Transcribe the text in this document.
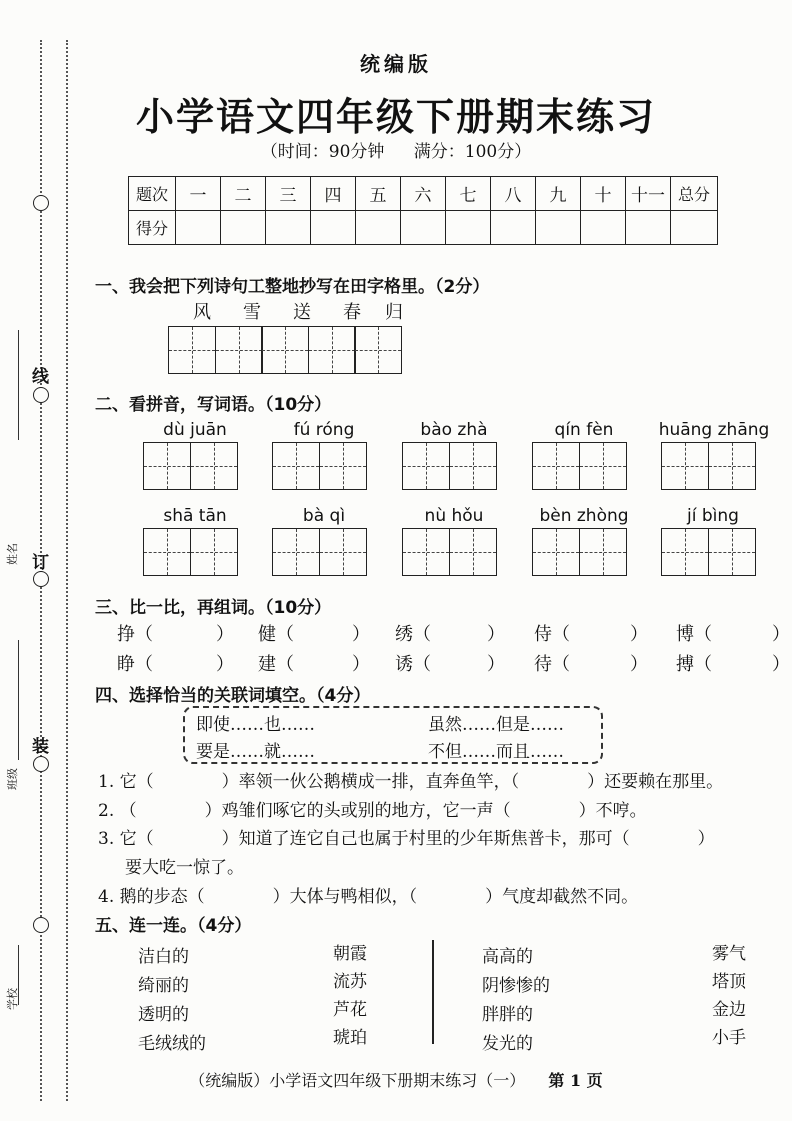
姓名
班级
学校
线
订
装
统编版
小学语文四年级下册期末练习
（时间：90分钟 满分：100分）
题次	一	二	三	四	五	六	七	八	九	十	十一	总分
得分												
一、我会把下列诗句工整地抄写在田字格里。（2分）
风 雪 送 春 归
二、看拼音，写词语。（10分）
dù juān	fú róng	bào zhà	qín fèn	huāng zhāng
shā tān	bà qì	nù hǒu	bèn zhòng	jí bìng
三、比一比，再组词。（10分）
挣（	） 健（	） 绣（	） 侍（	） 博（	）
睁（	） 建（	） 诱（	） 待（	） 搏（	）
四、选择恰当的关联词填空。（4分）
即使……也……	虽然……但是……
要是……就……	不但……而且……
1. 它（　　　　）率领一伙公鹅横成一排，直奔鱼竿，（　　　　）还要赖在那里。
2. （　　　　）鸡雏们啄它的头或别的地方，它一声（　　　　）不哼。
3. 它（　　　　）知道了连它自己也属于村里的少年斯焦普卡，那可（　　　　）
要大吃一惊了。
4. 鹅的步态（　　　　）大体与鸭相似，（　　　　）气度却截然不同。
五、连一连。（4分）
洁白的
绮丽的
透明的
毛绒绒的
朝霞
流苏
芦花
琥珀
高高的
阴惨惨的
胖胖的
发光的
雾气
塔顶
金边
小手
（统编版）小学语文四年级下册期末练习（一） 第 1 页
